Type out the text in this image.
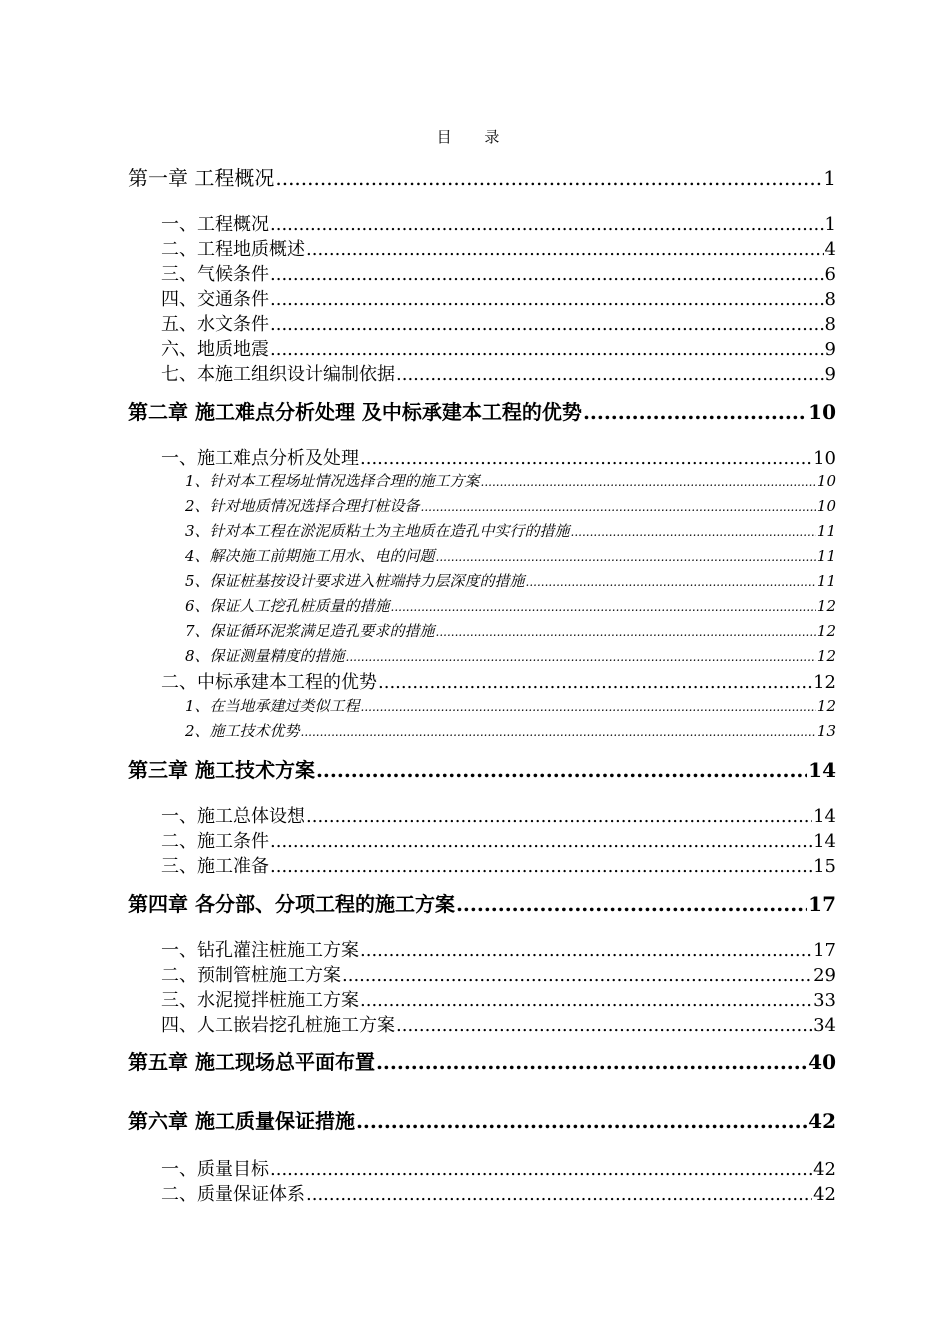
目 录
第一章 工程概况 .....	1
一、工程概况 .....	1
二、工程地质概述 .....	4
三、气候条件 .....	6
四、交通条件 .....	8
五、水文条件 .....	8
六、地质地震 .....	9
七、本施工组织设计编制依据 .....	9
第二章 施工难点分析处理 及中标承建本工程的优势 .....	10
一、施工难点分析及处理 .....	10
1、针对本工程场址情况选择合理的施工方案 .....	10
2、针对地质情况选择合理打桩设备 .....	10
3、针对本工程在淤泥质粘土为主地质在造孔中实行的措施 .....	11
4、解决施工前期施工用水、电的问题 .....	11
5、保证桩基按设计要求进入桩端持力层深度的措施 .....	11
6、保证人工挖孔桩质量的措施 .....	12
7、保证循环泥浆满足造孔要求的措施 .....	12
8、保证测量精度的措施 .....	12
二、中标承建本工程的优势 .....	12
1、在当地承建过类似工程 .....	12
2、施工技术优势 .....	13
第三章 施工技术方案 .....	14
一、施工总体设想 .....	14
二、施工条件 .....	14
三、施工准备 .....	15
第四章 各分部、分项工程的施工方案 .....	17
一、钻孔灌注桩施工方案 .....	17
二、预制管桩施工方案 .....	29
三、水泥搅拌桩施工方案 .....	33
四、人工嵌岩挖孔桩施工方案 .....	34
第五章 施工现场总平面布置 .....	40
第六章 施工质量保证措施 .....	42
一、质量目标 .....	42
二、质量保证体系 .....	42
